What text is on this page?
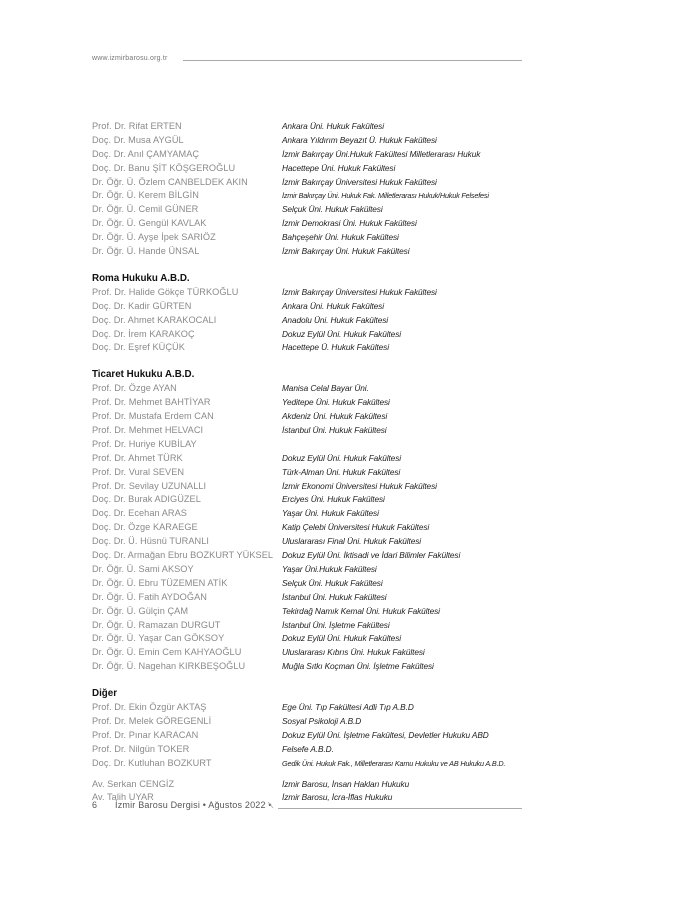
www.izmirbarosu.org.tr
Prof. Dr. Rifat ERTEN	Ankara Üni. Hukuk Fakültesi
Doç. Dr. Musa AYGÜL	Ankara Yıldırım Beyazıt Ü. Hukuk Fakültesi
Doç. Dr. Anıl ÇAMYAMAÇ	İzmir Bakırçay Üni.Hukuk Fakültesi Milletlerarası Hukuk
Doç. Dr. Banu ŞİT KÖŞGEROĞLU	Hacettepe Üni. Hukuk Fakültesi
Dr. Öğr. Ü. Özlem CANBELDEK AKIN	İzmir Bakırçay Üniversitesi Hukuk Fakültesi
Dr. Öğr. Ü. Kerem BİLGİN	İzmir Bakırçay Üni. Hukuk Fak. Milletlerarası Hukuk/Hukuk Felsefesi
Dr. Öğr. Ü. Cemil GÜNER	Selçuk Üni. Hukuk Fakültesi
Dr. Öğr. Ü. Gengül KAVLAK	İzmir Demokrasi Üni. Hukuk Fakültesi
Dr. Öğr. Ü. Ayşe İpek SARIÖZ	Bahçeşehir Üni. Hukuk Fakültesi
Dr. Öğr. Ü. Hande ÜNSAL	İzmir Bakırçay Üni. Hukuk Fakültesi
Roma Hukuku A.B.D.
Prof. Dr. Halide Gökçe TÜRKOĞLU	İzmir Bakırçay Üniversitesi Hukuk Fakültesi
Doç. Dr. Kadir GÜRTEN	Ankara Üni. Hukuk Fakültesi
Doç. Dr. Ahmet KARAKOCALI	Anadolu Üni. Hukuk Fakültesi
Doç. Dr. İrem KARAKOÇ	Dokuz Eylül Üni. Hukuk Fakültesi
Doç. Dr. Eşref KÜÇÜK	Hacettepe Ü. Hukuk Fakültesi
Ticaret Hukuku A.B.D.
Prof. Dr. Özge AYAN	Manisa Celal Bayar Üni.
Prof. Dr. Mehmet BAHTİYAR	Yeditepe Üni. Hukuk Fakültesi
Prof. Dr. Mustafa Erdem CAN	Akdeniz Üni. Hukuk Fakültesi
Prof. Dr. Mehmet HELVACI	İstanbul Üni. Hukuk Fakültesi
Prof. Dr. Huriye KUBİLAY
Prof. Dr. Ahmet TÜRK	Dokuz Eylül Üni. Hukuk Fakültesi
Prof. Dr. Vural SEVEN	Türk-Alman Üni. Hukuk Fakültesi
Prof. Dr. Sevilay UZUNALLI	İzmir Ekonomi Üniversitesi Hukuk Fakültesi
Doç. Dr. Burak ADIGÜZEL	Erciyes Üni. Hukuk Fakültesi
Doç. Dr. Ecehan ARAS	Yaşar Üni. Hukuk Fakültesi
Doç. Dr. Özge KARAEGE	Katip Çelebi Üniversitesi Hukuk Fakültesi
Doç. Dr. Ü. Hüsnü TURANLI	Uluslararası Final Üni. Hukuk Fakültesi
Doç. Dr. Armağan Ebru BOZKURT YÜKSEL Dokuz Eylül Üni. İktisadi ve İdari Bilimler Fakültesi
Dr. Öğr. Ü. Sami AKSOY	Yaşar Üni.Hukuk Fakültesi
Dr. Öğr. Ü. Ebru TÜZEMEN ATİK	Selçuk Üni. Hukuk Fakültesi
Dr. Öğr. Ü. Fatih AYDOĞAN	İstanbul Üni. Hukuk Fakültesi
Dr. Öğr. Ü. Gülçin ÇAM	Tekirdağ Namık Kemal Üni. Hukuk Fakültesi
Dr. Öğr. Ü. Ramazan DURGUT	İstanbul Üni. İşletme Fakültesi
Dr. Öğr. Ü. Yaşar Can GÖKSOY	Dokuz Eylül Üni. Hukuk Fakültesi
Dr. Öğr. Ü. Emin Cem KAHYAOĞLU	Uluslararası Kıbrıs Üni. Hukuk Fakültesi
Dr. Öğr. Ü. Nagehan KIRKBEŞOĞLU	Muğla Sıtkı Koçman Üni. İşletme Fakültesi
Diğer
Prof. Dr. Ekin Özgür AKTAŞ	Ege Üni. Tıp Fakültesi Adli Tıp A.B.D
Prof. Dr. Melek GÖREGENLİ	Sosyal Psikoloji A.B.D
Prof. Dr. Pınar KARACAN	Dokuz Eylül Üni. İşletme Fakültesi, Devletler Hukuku ABD
Prof. Dr. Nilgün TOKER	Felsefe A.B.D.
Doç. Dr. Kutluhan BOZKURT	Gedik Üni. Hukuk Fak., Milletlerarası Kamu Hukuku ve AB Hukuku A.B.D.
Av. Serkan CENGİZ	İzmir Barosu, İnsan Hakları Hukuku
Av. Talih UYAR	İzmir Barosu, İcra-İflas Hukuku
6 İzmir Barosu Dergisi • Ağustos 2022 •
